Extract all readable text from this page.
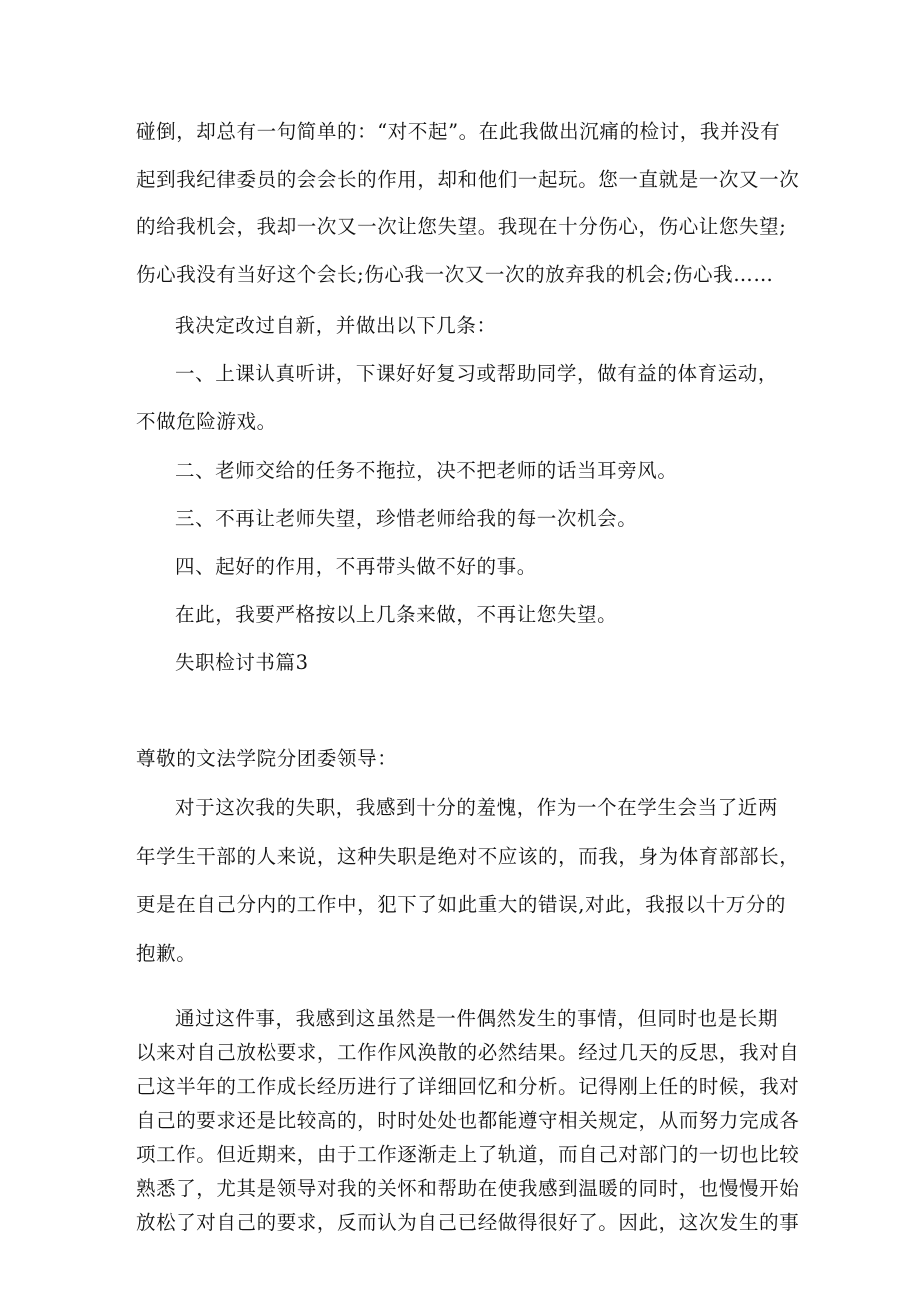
碰倒，却总有一句简单的：“对不起”。在此我做出沉痛的检讨，我并没有
起到我纪律委员的会会长的作用，却和他们一起玩。您一直就是一次又一次
的给我机会，我却一次又一次让您失望。我现在十分伤心，伤心让您失望;
伤心我没有当好这个会长;伤心我一次又一次的放弃我的机会;伤心我……
我决定改过自新，并做出以下几条：
一、上课认真听讲，下课好好复习或帮助同学，做有益的体育运动，
不做危险游戏。
二、老师交给的任务不拖拉，决不把老师的话当耳旁风。
三、不再让老师失望，珍惜老师给我的每一次机会。
四、起好的作用，不再带头做不好的事。
在此，我要严格按以上几条来做，不再让您失望。
失职检讨书篇3
尊敬的文法学院分团委领导：
对于这次我的失职，我感到十分的羞愧，作为一个在学生会当了近两
年学生干部的人来说，这种失职是绝对不应该的，而我，身为体育部部长，
更是在自己分内的工作中，犯下了如此重大的错误,对此，我报以十万分的
抱歉。
通过这件事，我感到这虽然是一件偶然发生的事情，但同时也是长期
以来对自己放松要求，工作作风涣散的必然结果。经过几天的反思，我对自
己这半年的工作成长经历进行了详细回忆和分析。记得刚上任的时候，我对
自己的要求还是比较高的，时时处处也都能遵守相关规定，从而努力完成各
项工作。但近期来，由于工作逐渐走上了轨道，而自己对部门的一切也比较
熟悉了，尤其是领导对我的关怀和帮助在使我感到温暖的同时，也慢慢开始
放松了对自己的要求，反而认为自己已经做得很好了。因此，这次发生的事
